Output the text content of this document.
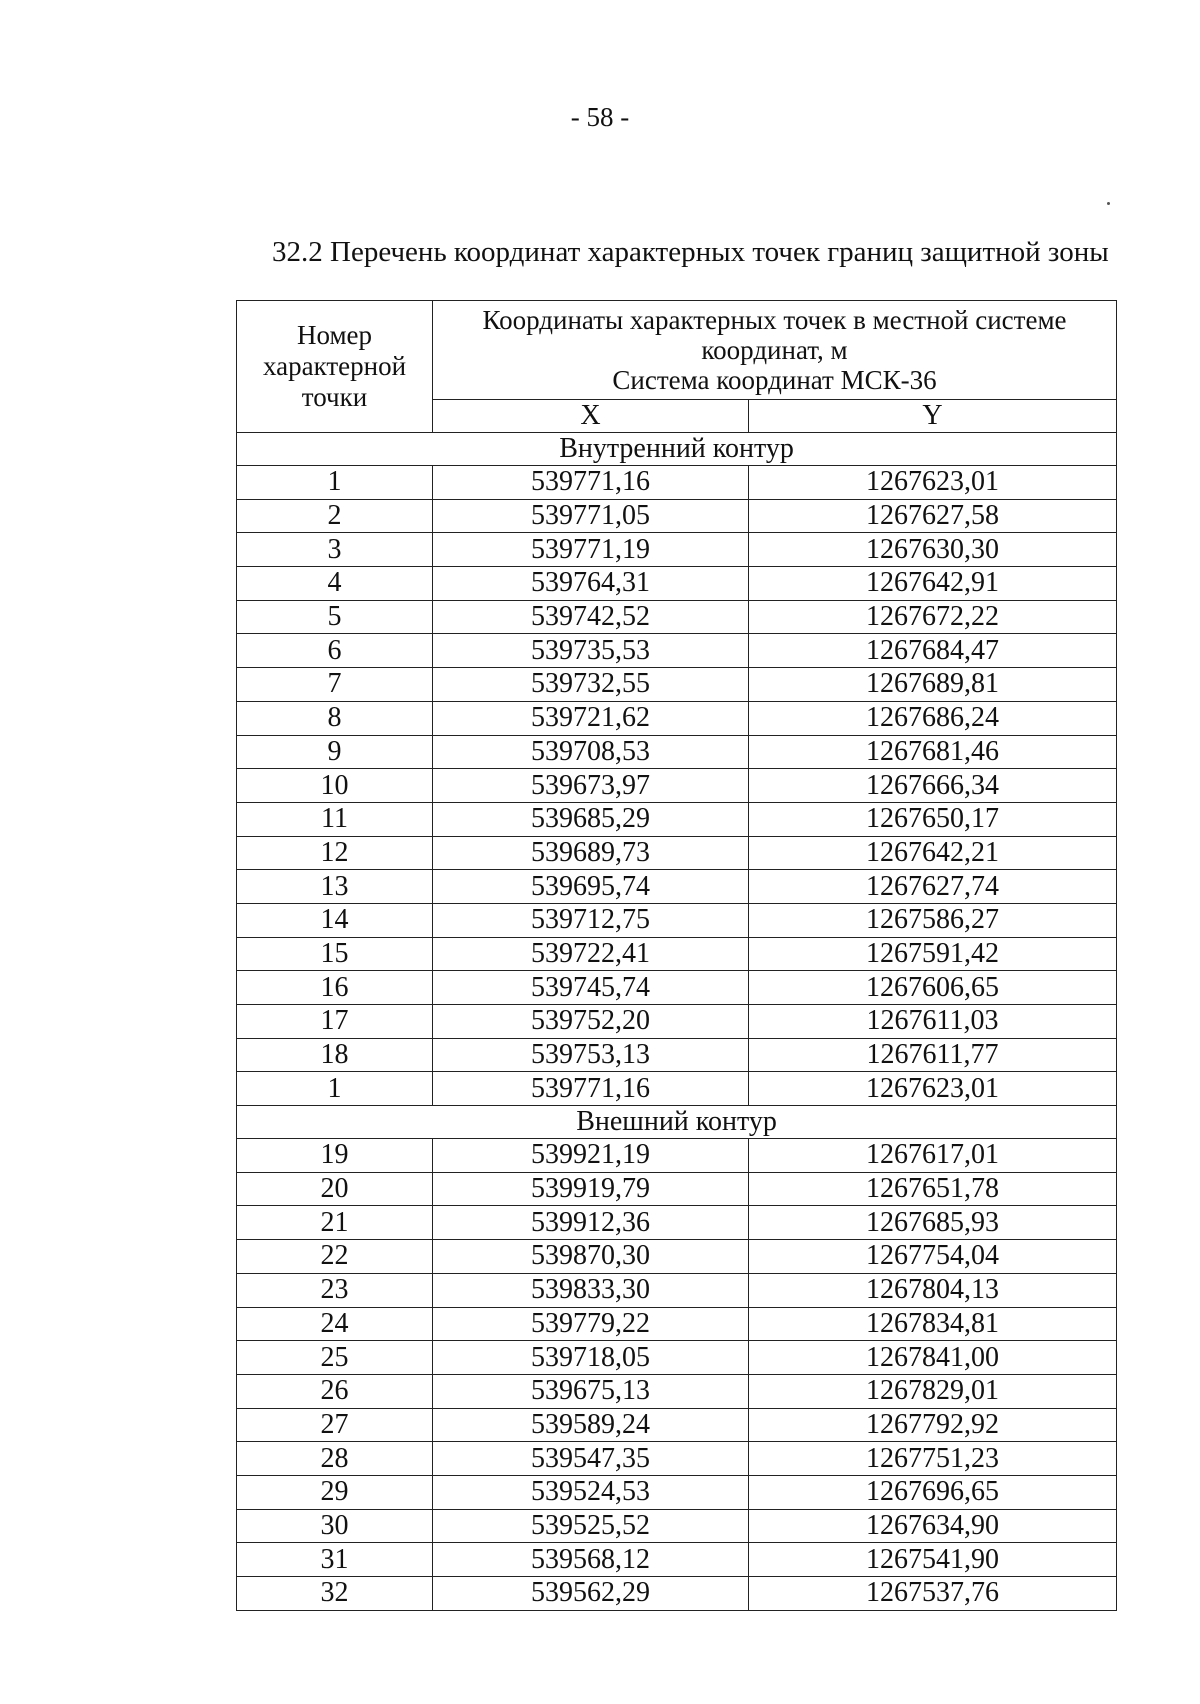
- 58 -
32.2 Перечень координат характерных точек границ защитной зоны
Номер
характерной
точки	Координаты характерных точек в местной системе
координат, м
Система координат МСК-36	

	X	Y
Внутренний контур		
1	539771,16	1267623,01
2	539771,05	1267627,58
3	539771,19	1267630,30
4	539764,31	1267642,91
5	539742,52	1267672,22
6	539735,53	1267684,47
7	539732,55	1267689,81
8	539721,62	1267686,24
9	539708,53	1267681,46
10	539673,97	1267666,34
11	539685,29	1267650,17
12	539689,73	1267642,21
13	539695,74	1267627,74
14	539712,75	1267586,27
15	539722,41	1267591,42
16	539745,74	1267606,65
17	539752,20	1267611,03
18	539753,13	1267611,77
1	539771,16	1267623,01
Внешний контур		
19	539921,19	1267617,01
20	539919,79	1267651,78
21	539912,36	1267685,93
22	539870,30	1267754,04
23	539833,30	1267804,13
24	539779,22	1267834,81
25	539718,05	1267841,00
26	539675,13	1267829,01
27	539589,24	1267792,92
28	539547,35	1267751,23
29	539524,53	1267696,65
30	539525,52	1267634,90
31	539568,12	1267541,90
32	539562,29	1267537,76
